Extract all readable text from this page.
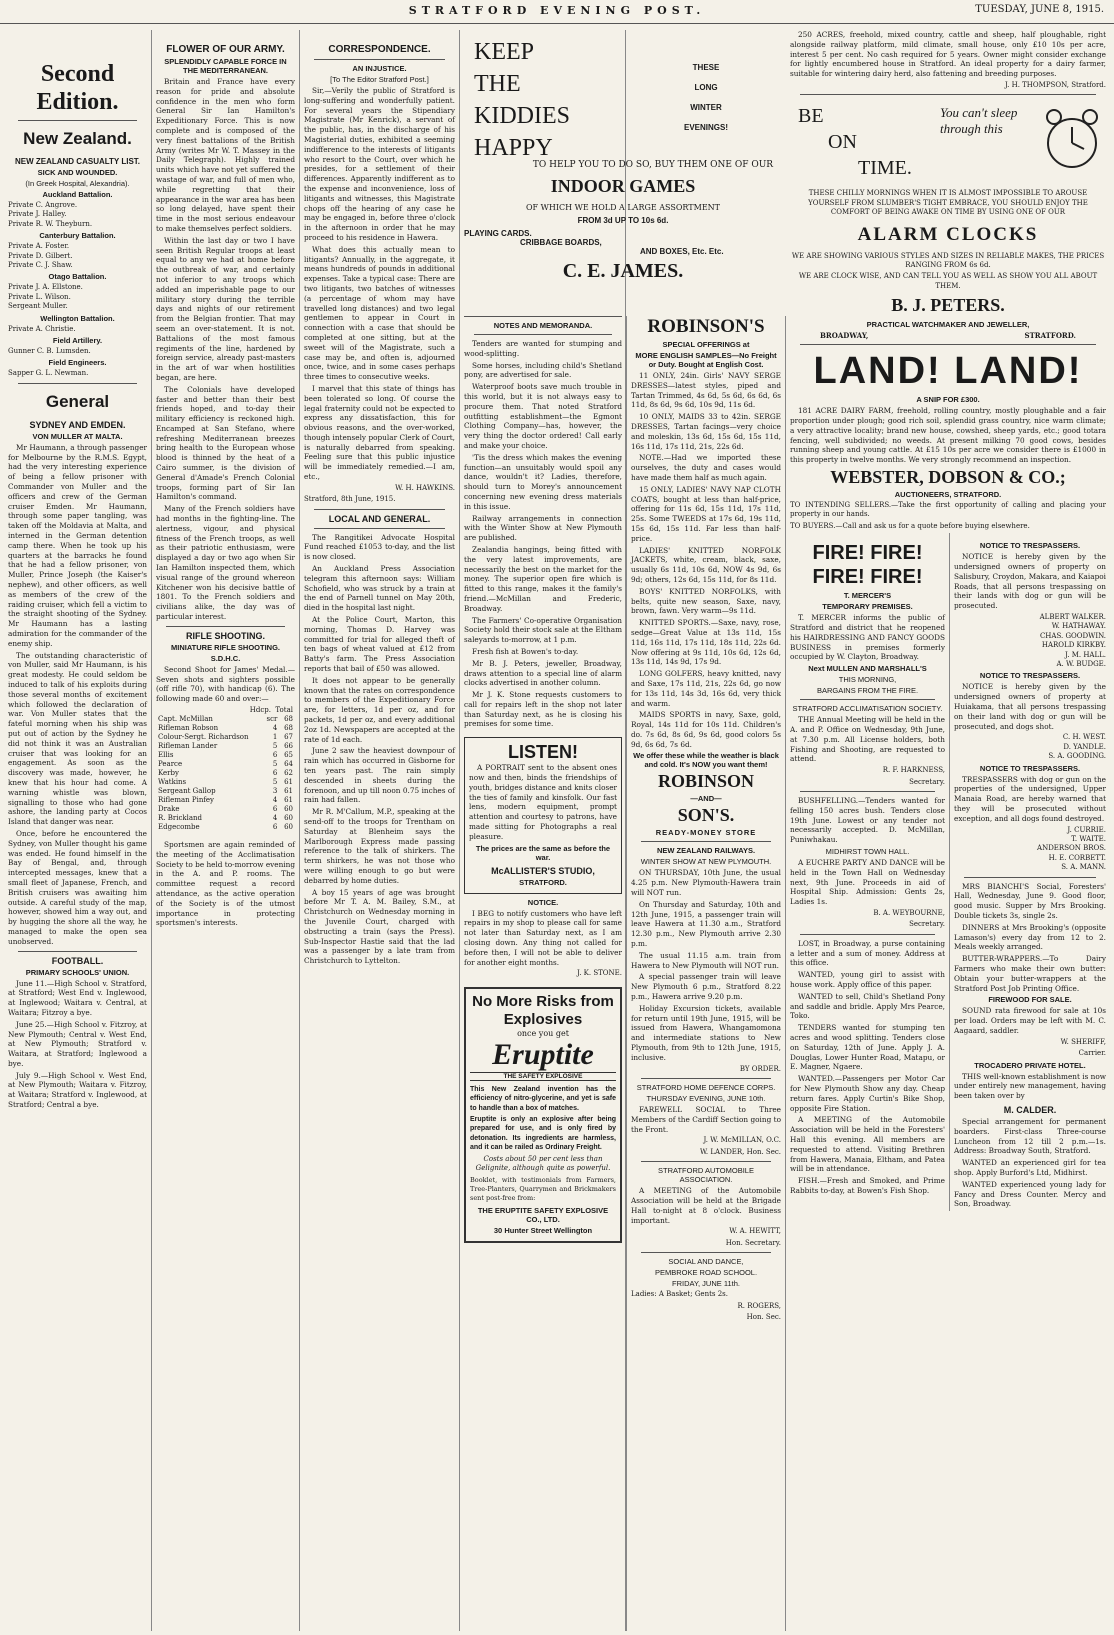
STRATFORD EVENING POST.	TUESDAY, JUNE 8, 1915.
Second Edition.
New Zealand.
NEW ZEALAND CASUALTY LIST.
SICK AND WOUNDED.
(In Greek Hospital, Alexandria).
Auckland Battalion.
Private C. Angrove.
Private J. Halley.
Private R. W. Theyburn.
Canterbury Battalion.
Private A. Foster.
Private D. Gilbert.
Private C. J. Shaw.
Otago Battalion.
Private J. A. Ellstone.
Private L. Wilson.
Sergeant Muller.
Wellington Battalion.
Private A. Christie.
Field Artillery.
Gunner C. B. Lumsden.
Field Engineers.
Sapper G. L. Newman.
General
SYDNEY AND EMDEN.
VON MULLER AT MALTA.

Mr Haumann, a through passenger for Melbourne by the R.M.S. Egypt, had the very interesting experience of being a fellow prisoner with Commander von Muller and the officers and crew of the German cruiser Emden. Mr Haumann, through some paper tangling, was taken off the Moldavia at Malta, and interned in the German detention camp there. When he took up his quarters at the barracks he found that he had a fellow prisoner, von Muller, Prince Joseph (the Kaiser's nephew), and other officers, as well as members of the crew of the raiding cruiser, which fell a victim to the straight shooting of the Sydney. Mr Haumann has a lasting admiration for the commander of the enemy ship.

The outstanding characteristic of von Muller, said Mr Haumann, is his great modesty. He could seldom be induced to talk of his exploits during those several months of excitement which followed the declaration of war. Von Muller states that the fateful morning when his ship was put out of action by the Sydney he did not think it was an Australian cruiser that was looking for an engagement. As soon as the discovery was made, however, he knew that his hour had come. A warning whistle was blown, signalling to those who had gone ashore, the landing party at Cocos Island that danger was near.

Once, before he encountered the Sydney, von Muller thought his game was ended. He found himself in the Bay of Bengal, and, through intercepted messages, knew that a small fleet of Japanese, French, and British cruisers was awaiting him outside. A careful study of the map, however, showed him a way out, and by hugging the shore all the way, he managed to make the open sea unobserved.

FOOTBALL.
PRIMARY SCHOOLS' UNION.

June 11.—High School v. Stratford, at Stratford; West End v. Inglewood, at Inglewood; Waitara v. Central, at Waitara; Fitzroy a bye.

June 25.—High School v. Fitzroy, at New Plymouth; Central v. West End, at New Plymouth; Stratford v. Waitara, at Stratford; Inglewood a bye.

July 9.—High School v. West End, at New Plymouth; Waitara v. Fitzroy, at Waitara; Stratford v. Inglewood, at Stratford; Central a bye.

FLOWER OF OUR ARMY.
SPLENDIDLY CAPABLE FORCE IN THE MEDITERRANEAN.

Britain and France have every reason for pride and absolute confidence in the men who form General Sir Ian Hamilton's Expeditionary Force. This is now complete and is composed of the very finest battalions of the British Army (writes Mr W. T. Massey in the Daily Telegraph). Highly trained units which have not yet suffered the wastage of war, and full of men who, while regretting that their appearance in the war area has been so long delayed, have spent their time in the most serious endeavour to make themselves perfect soldiers.

Within the last day or two I have seen British Regular troops at least equal to any we had at home before the outbreak of war, and certainly not inferior to any troops which added an imperishable page to our military story during the terrible days and nights of our retirement from the Belgian frontier. That may seem an over-statement. It is not. Battalions of the most famous regiments of the line, hardened by foreign service, already past-masters in the art of war when hostilities began, are here.

The Colonials have developed faster and better than their best friends hoped, and to-day their military efficiency is reckoned high. Encamped at San Stefano, where refreshing Mediterranean breezes bring health to the European whose blood is thinned by the heat of a Cairo summer, is the division of General d'Amade's French Colonial troops, forming part of Sir Ian Hamilton's command.

Many of the French soldiers have had months in the fighting-line. The alertness, vigour, and physical fitness of the French troops, as well as their patriotic enthusiasm, were displayed a day or two ago when Sir Ian Hamilton inspected them, which visual range of the ground whereon Kitchener won his decisive battle of 1801. To the French soldiers and civilians alike, the day was of particular interest.

RIFLE SHOOTING.
MINIATURE RIFLE SHOOTING.
S.D.H.C.

Second Shoot for James' Medal.—Seven shots and sighters possible (off rifle 70), with handicap (6). The following made 60 and over:—

Hdcp. Total
Capt. McMillan	scr 68
Rifleman Robson	4 68
Colour-Sergt. Richardson	1 67
Rifleman Lander	5 66
Ellis	6 65
Pearce	5 64
Kerby	6 62
Watkins	5 61
Sergeant Gallop	3 61
Rifleman Pinfey	4 61
Drake	6 60
R. Brickland	4 60
Edgecombe	6 60

Sportsmen are again reminded of the meeting of the Acclimatisation Society to be held to-morrow evening in the A. and P. rooms. The committee request a record attendance, as the active operation of the Society is of the utmost importance in protecting sportsmen's interests.

CORRESPONDENCE.
AN INJUSTICE.
[To The Editor Stratford Post.]

Sir,—Verily the public of Stratford is long-suffering and wonderfully patient. For several years the Stipendiary Magistrate (Mr Kenrick), a servant of the public, has, in the discharge of his Magisterial duties, exhibited a seeming indifference to the interests of litigants who resort to the Court, over which he presides, for a settlement of their differences. Apparently indifferent as to the expense and inconvenience, loss of litigants and witnesses, this Magistrate chops off the hearing of any case he may be engaged in, before three o'clock in the afternoon in order that he may proceed to his residence in Hawera.

What does this actually mean to litigants? Annually, in the aggregate, it means hundreds of pounds in additional expenses. Take a typical case: There are two litigants, two batches of witnesses (a percentage of whom may have travelled long distances) and two legal gentlemen to appear in Court in connection with a case that should be completed at one sitting, but at the sweet will of the Magistrate, such a case may be, and often is, adjourned once, twice, and in some cases perhaps three times to consecutive weeks.

I marvel that this state of things has been tolerated so long. Of course the legal fraternity could not be expected to express any dissatisfaction, this for obvious reasons, and the over-worked, though intensely popular Clerk of Court, is naturally debarred from speaking. Feeling sure that this public injustice will be immediately remedied.—I am, etc.,

W. H. HAWKINS.
Stratford, 8th June, 1915.
LOCAL AND GENERAL.

The Rangitikei Advocate Hospital Fund reached £1053 to-day, and the list is now closed.

An Auckland Press Association telegram this afternoon says: William Schofield, who was struck by a train at the end of Parnell tunnel on May 20th, died in the hospital last night.

At the Police Court, Marton, this morning, Thomas D. Harvey was committed for trial for alleged theft of ten bags of wheat valued at £12 from Batty's farm. The Press Association reports that bail of £50 was allowed.

It does not appear to be generally known that the rates on correspondence to members of the Expeditionary Force are, for letters, 1d per oz, and for packets, 1d per oz, and every additional 2oz 1d. Newspapers are accepted at the rate of 1d each.

June 2 saw the heaviest downpour of rain which has occurred in Gisborne for ten years past. The rain simply descended in sheets during the forenoon, and up till noon 0.75 inches of rain had fallen.

Mr R. M'Callum, M.P., speaking at the send-off to the troops for Trentham on Saturday at Blenheim says the Marlborough Express made passing reference to the talk of shirkers. The term shirkers, he was not those who were willing enough to go but were debarred by home duties.

A boy 15 years of age was brought before Mr T. A. M. Bailey, S.M., at Christchurch on Wednesday morning in the Juvenile Court, charged with obstructing a train (says the Press). Sub-Inspector Hastie said that the lad was a passenger by a late tram from Christchurch to Lyttelton.

KEEP
THE
KIDDIES
HAPPY
THESE
LONG
WINTER
EVENINGS!
TO HELP YOU TO DO SO, BUY THEM ONE OF OUR
INDOOR GAMES
OF WHICH WE HOLD A LARGE ASSORTMENT
FROM 3d UP TO 10s 6d.
PLAYING CARDS.
CRIBBAGE BOARDS,
AND BOXES, Etc. Etc.
C. E. JAMES.
NOTES AND MEMORANDA.

Tenders are wanted for stumping and wood-splitting.

Some horses, including child's Shetland pony, are advertised for sale.

Waterproof boots save much trouble in this world, but it is not always easy to procure them. That noted Stratford outfitting establishment—the Egmont Clothing Company—has, however, the very thing the doctor ordered! Call early and make your choice.

'Tis the dress which makes the evening function—an unsuitably would spoil any dance, wouldn't it? Ladies, therefore, should turn to Morey's announcement concerning new evening dress materials in this issue.

Railway arrangements in connection with the Winter Show at New Plymouth are published.

Zealandia hangings, being fitted with the very latest improvements, are necessarily the best on the market for the money. The superior open fire which is fitted to this range, makes it the family's friend.—McMillan and Frederic, Broadway.

The Farmers' Co-operative Organisation Society hold their stock sale at the Eltham saleyards to-morrow, at 1 p.m.

Fresh fish at Bowen's to-day.

Mr B. J. Peters, jeweller, Broadway, draws attention to a special line of alarm clocks advertised in another column.

Mr J. K. Stone requests customers to call for repairs left in the shop not later than Saturday next, as he is closing his premises for some time.

LISTEN!

A PORTRAIT sent to the absent ones now and then, binds the friendships of youth, bridges distance and knits closer the ties of family and kinsfolk. Our fast lens, modern equipment, prompt attention and courtesy to patrons, have made sitting for Photographs a real pleasure.

The prices are the same as before the war.
McALLISTER'S STUDIO,
STRATFORD.
NOTICE.

I BEG to notify customers who have left repairs in my shop to please call for same not later than Saturday next, as I am closing down. Any thing not called for before then, I will not be able to deliver for another eight months.

J. K. STONE.
No More Risks from Explosives
once you get
Eruptite
THE SAFETY EXPLOSIVE
This New Zealand invention has the efficiency of nitro-glycerine, and yet is safe to handle than a box of matches.
Eruptite is only an explosive after being prepared for use, and is only fired by detonation. Its ingredients are harmless, and it can be railed as Ordinary Freight.
Costs about 50 per cent less than Gelignite, although quite as powerful.
Booklet, with testimonials from Farmers, Tree-Planters, Quarrymen and Brickmakers sent post-free from:
THE ERUPTITE SAFETY EXPLOSIVE CO., LTD.
30 Hunter Street Wellington
ROBINSON'S
SPECIAL OFFERINGS at
MORE ENGLISH SAMPLES—No Freight or Duty. Bought at English Cost.

11 ONLY, 24in. Girls' NAVY SERGE DRESSES—latest styles, piped and Tartan Trimmed, 4s 6d, 5s 6d, 6s 6d, 6s 11d, 8s 6d, 9s 6d, 10s 9d, 11s 6d.

10 ONLY, MAIDS 33 to 42in. SERGE DRESSES, Tartan facings—very choice and moleskin, 13s 6d, 15s 6d, 15s 11d, 16s 11d, 17s 11d, 21s, 22s 6d.

NOTE.—Had we imported these ourselves, the duty and cases would have made them half as much again.

15 ONLY, LADIES' NAVY NAP CLOTH COATS, bought at less than half-price, offering for 11s 6d, 15s 11d, 17s 11d, 25s. Some TWEEDS at 17s 6d, 19s 11d, 15s 6d, 15s 11d. Far less than half-price.

LADIES' KNITTED NORFOLK JACKETS, white, cream, black, saxe, usually 6s 11d, 10s 6d, NOW 4s 9d, 6s 9d; others, 12s 6d, 15s 11d, for 8s 11d.

BOYS' KNITTED NORFOLKS, with belts, quite new season, Saxe, navy, brown, fawn. Very warm—9s 11d.

KNITTED SPORTS.—Saxe, navy, rose, sedge—Great Value at 13s 11d, 15s 11d, 16s 11d, 17s 11d, 18s 11d, 22s 6d. Now offering at 9s 11d, 10s 6d, 12s 6d, 13s 11d, 14s 9d, 17s 9d.

LONG GOLFERS, heavy knitted, navy and Saxe, 17s 11d, 21s, 22s 6d, go now for 13s 11d, 14s 3d, 16s 6d, very thick and warm.

MAIDS SPORTS in navy, Saxe, gold, Royal, 14s 11d for 10s 11d. Children's do. 7s 6d, 8s 6d, 9s 6d, good colors 5s 9d, 6s 6d, 7s 6d.

We offer these while the weather is black and cold. It's NOW you want them!
ROBINSON
—AND—
SON'S.
READY-MONEY STORE
NEW ZEALAND RAILWAYS.
WINTER SHOW AT NEW PLYMOUTH.

ON THURSDAY, 10th June, the usual 4.25 p.m. New Plymouth-Hawera train will NOT run.

On Thursday and Saturday, 10th and 12th June, 1915, a passenger train will leave Hawera at 11.30 a.m., Stratford 12.30 p.m., New Plymouth arrive 2.30 p.m.

The usual 11.15 a.m. train from Hawera to New Plymouth will NOT run.

A special passenger train will leave New Plymouth 6 p.m., Stratford 8.22 p.m., Hawera arrive 9.20 p.m.

Holiday Excursion tickets, available for return until 19th June, 1915, will be issued from Hawera, Whangamomona and intermediate stations to New Plymouth, from 9th to 12th June, 1915, inclusive.

BY ORDER.
STRATFORD HOME DEFENCE CORPS.
THURSDAY EVENING, JUNE 10th.

FAREWELL SOCIAL to Three Members of the Cardiff Section going to the Front.

J. W. McMILLAN, O.C.
W. LANDER, Hon. Sec.
STRATFORD AUTOMOBILE ASSOCIATION.

A MEETING of the Automobile Association will be held at the Brigade Hall to-night at 8 o'clock. Business important.

W. A. HEWITT,
Hon. Secretary.
SOCIAL AND DANCE,
PEMBROKE ROAD SCHOOL.
FRIDAY, JUNE 11th.
Ladies: A Basket; Gents 2s.
R. ROGERS,
Hon. Sec.

250 ACRES, freehold, mixed country, cattle and sheep, half ploughable, right alongside railway platform, mild climate, small house, only £10 10s per acre, interest 5 per cent. No cash required for 5 years. Owner might consider exchange for lightly encumbered house in Stratford. An ideal property for a dairy farmer, suitable for wintering dairy herd, also fattening and breeding purposes.

J. H. THOMPSON, Stratford.
BE
ON
TIME.
You can't sleep through this
THESE CHILLY MORNINGS WHEN IT IS ALMOST IMPOSSIBLE TO AROUSE YOURSELF FROM SLUMBER'S TIGHT EMBRACE, YOU SHOULD ENJOY THE COMFORT OF BEING AWAKE ON TIME BY USING ONE OF OUR
ALARM CLOCKS
WE ARE SHOWING VARIOUS STYLES AND SIZES IN RELIABLE MAKES, THE PRICES RANGING FROM 6s 6d.
WE ARE CLOCK WISE, AND CAN TELL YOU AS WELL AS SHOW YOU ALL ABOUT THEM.
B. J. PETERS.
PRACTICAL WATCHMAKER AND JEWELLER,
BROADWAY,	STRATFORD.
LAND! LAND!
A SNIP FOR £300.

181 ACRE DAIRY FARM, freehold, rolling country, mostly ploughable and a fair proportion under plough; good rich soil, splendid grass country, nice warm climate; a very attractive locality; brand new house, cowshed, sheep yards, etc.; good totara fencing, well subdivided; no weeds. At present milking 70 good cows, besides running sheep and young cattle. At £15 10s per acre we consider there is £1000 in this property in twelve months. We very strongly recommend an inspection.

WEBSTER, DOBSON & CO.;
AUCTIONEERS, STRATFORD.
TO INTENDING SELLERS.—Take the first opportunity of calling and placing your property in our hands.
TO BUYERS.—Call and ask us for a quote before buying elsewhere.
FIRE! FIRE! FIRE! FIRE!
T. MERCER'S
TEMPORARY PREMISES.

T. MERCER informs the public of Stratford and district that he reopened his HAIRDRESSING AND FANCY GOODS BUSINESS in premises formerly occupied by W. Clayton, Broadway.

Next MULLEN AND MARSHALL'S
THIS MORNING,
BARGAINS FROM THE FIRE.
STRATFORD ACCLIMATISATION SOCIETY.

THE Annual Meeting will be held in the A. and P. Office on Wednesday, 9th June, at 7.30 p.m. All License holders, both Fishing and Shooting, are requested to attend.

R. F. HARKNESS,
Secretary.

BUSHFELLING.—Tenders wanted for felling 150 acres bush. Tenders close 19th June. Lowest or any tender not necessarily accepted. D. McMillan, Puniwhakau.

MIDHIRST TOWN HALL.

A EUCHRE PARTY AND DANCE will be held in the Town Hall on Wednesday next, 9th June. Proceeds in aid of Hospital Ship. Admission: Gents 2s, Ladies 1s.

B. A. WEYBOURNE,
Secretary.

LOST, in Broadway, a purse containing a letter and a sum of money. Address at this office.

WANTED, young girl to assist with house work. Apply office of this paper.

WANTED to sell, Child's Shetland Pony and saddle and bridle. Apply Mrs Pearce, Toko.

TENDERS wanted for stumping ten acres and wood splitting. Tenders close on Saturday, 12th of June. Apply J. A. Douglas, Lower Hunter Road, Matapu, or E. Magner, Ngaere.

WANTED.—Passengers per Motor Car for New Plymouth Show any day. Cheap return fares. Apply Curtin's Bike Shop, opposite Fire Station.

A MEETING of the Automobile Association will be held in the Foresters' Hall this evening. All members are requested to attend. Visiting Brethren from Hawera, Manaia, Eltham, and Patea will be in attendance.

FISH.—Fresh and Smoked, and Prime Rabbits to-day, at Bowen's Fish Shop.

NOTICE TO TRESPASSERS.

NOTICE is hereby given by the undersigned owners of property on Salisbury, Croydon, Makara, and Kaiapoi Roads, that all persons trespassing on their lands with dog or gun will be prosecuted.

ALBERT WALKER.
W. HATHAWAY.
CHAS. GOODWIN.
HAROLD KIRKBY.
J. M. HALL.
A. W. BUDGE.
NOTICE TO TRESPASSERS.

NOTICE is hereby given by the undersigned owners of property at Huiakama, that all persons trespassing on their land with dog or gun will be prosecuted, and dogs shot.

C. H. WEST.
D. YANDLE.
S. A. GOODING.
NOTICE TO TRESPASSERS.

TRESPASSERS with dog or gun on the properties of the undersigned, Upper Manaia Road, are hereby warned that they will be prosecuted without exception, and all dogs found destroyed.

J. CURRIE.
T. WAITE.
ANDERSON BROS.
H. E. CORBETT.
S. A. MANN.

MRS BIANCHI'S Social, Foresters' Hall, Wednesday, June 9. Good floor, good music. Supper by Mrs Brooking. Double tickets 3s, single 2s.

DINNERS at Mrs Brooking's (opposite Lamason's) every day from 12 to 2. Meals weekly arranged.

BUTTER-WRAPPERS.—To Dairy Farmers who make their own butter: Obtain your butter-wrappers at the Stratford Post Job Printing Office.

FIREWOOD FOR SALE.

SOUND rata firewood for sale at 10s per load. Orders may be left with M. C. Aagaard, saddler.

W. SHERIFF,
Carrier.
TROCADERO PRIVATE HOTEL.

THIS well-known establishment is now under entirely new management, having been taken over by

M. CALDER.

Special arrangement for permanent boarders. First-class Three-course Luncheon from 12 till 2 p.m.—1s. Address: Broadway South, Stratford.

WANTED an experienced girl for tea shop. Apply Burford's Ltd, Midhirst.

WANTED experienced young lady for Fancy and Dress Counter. Mercy and Son, Broadway.
